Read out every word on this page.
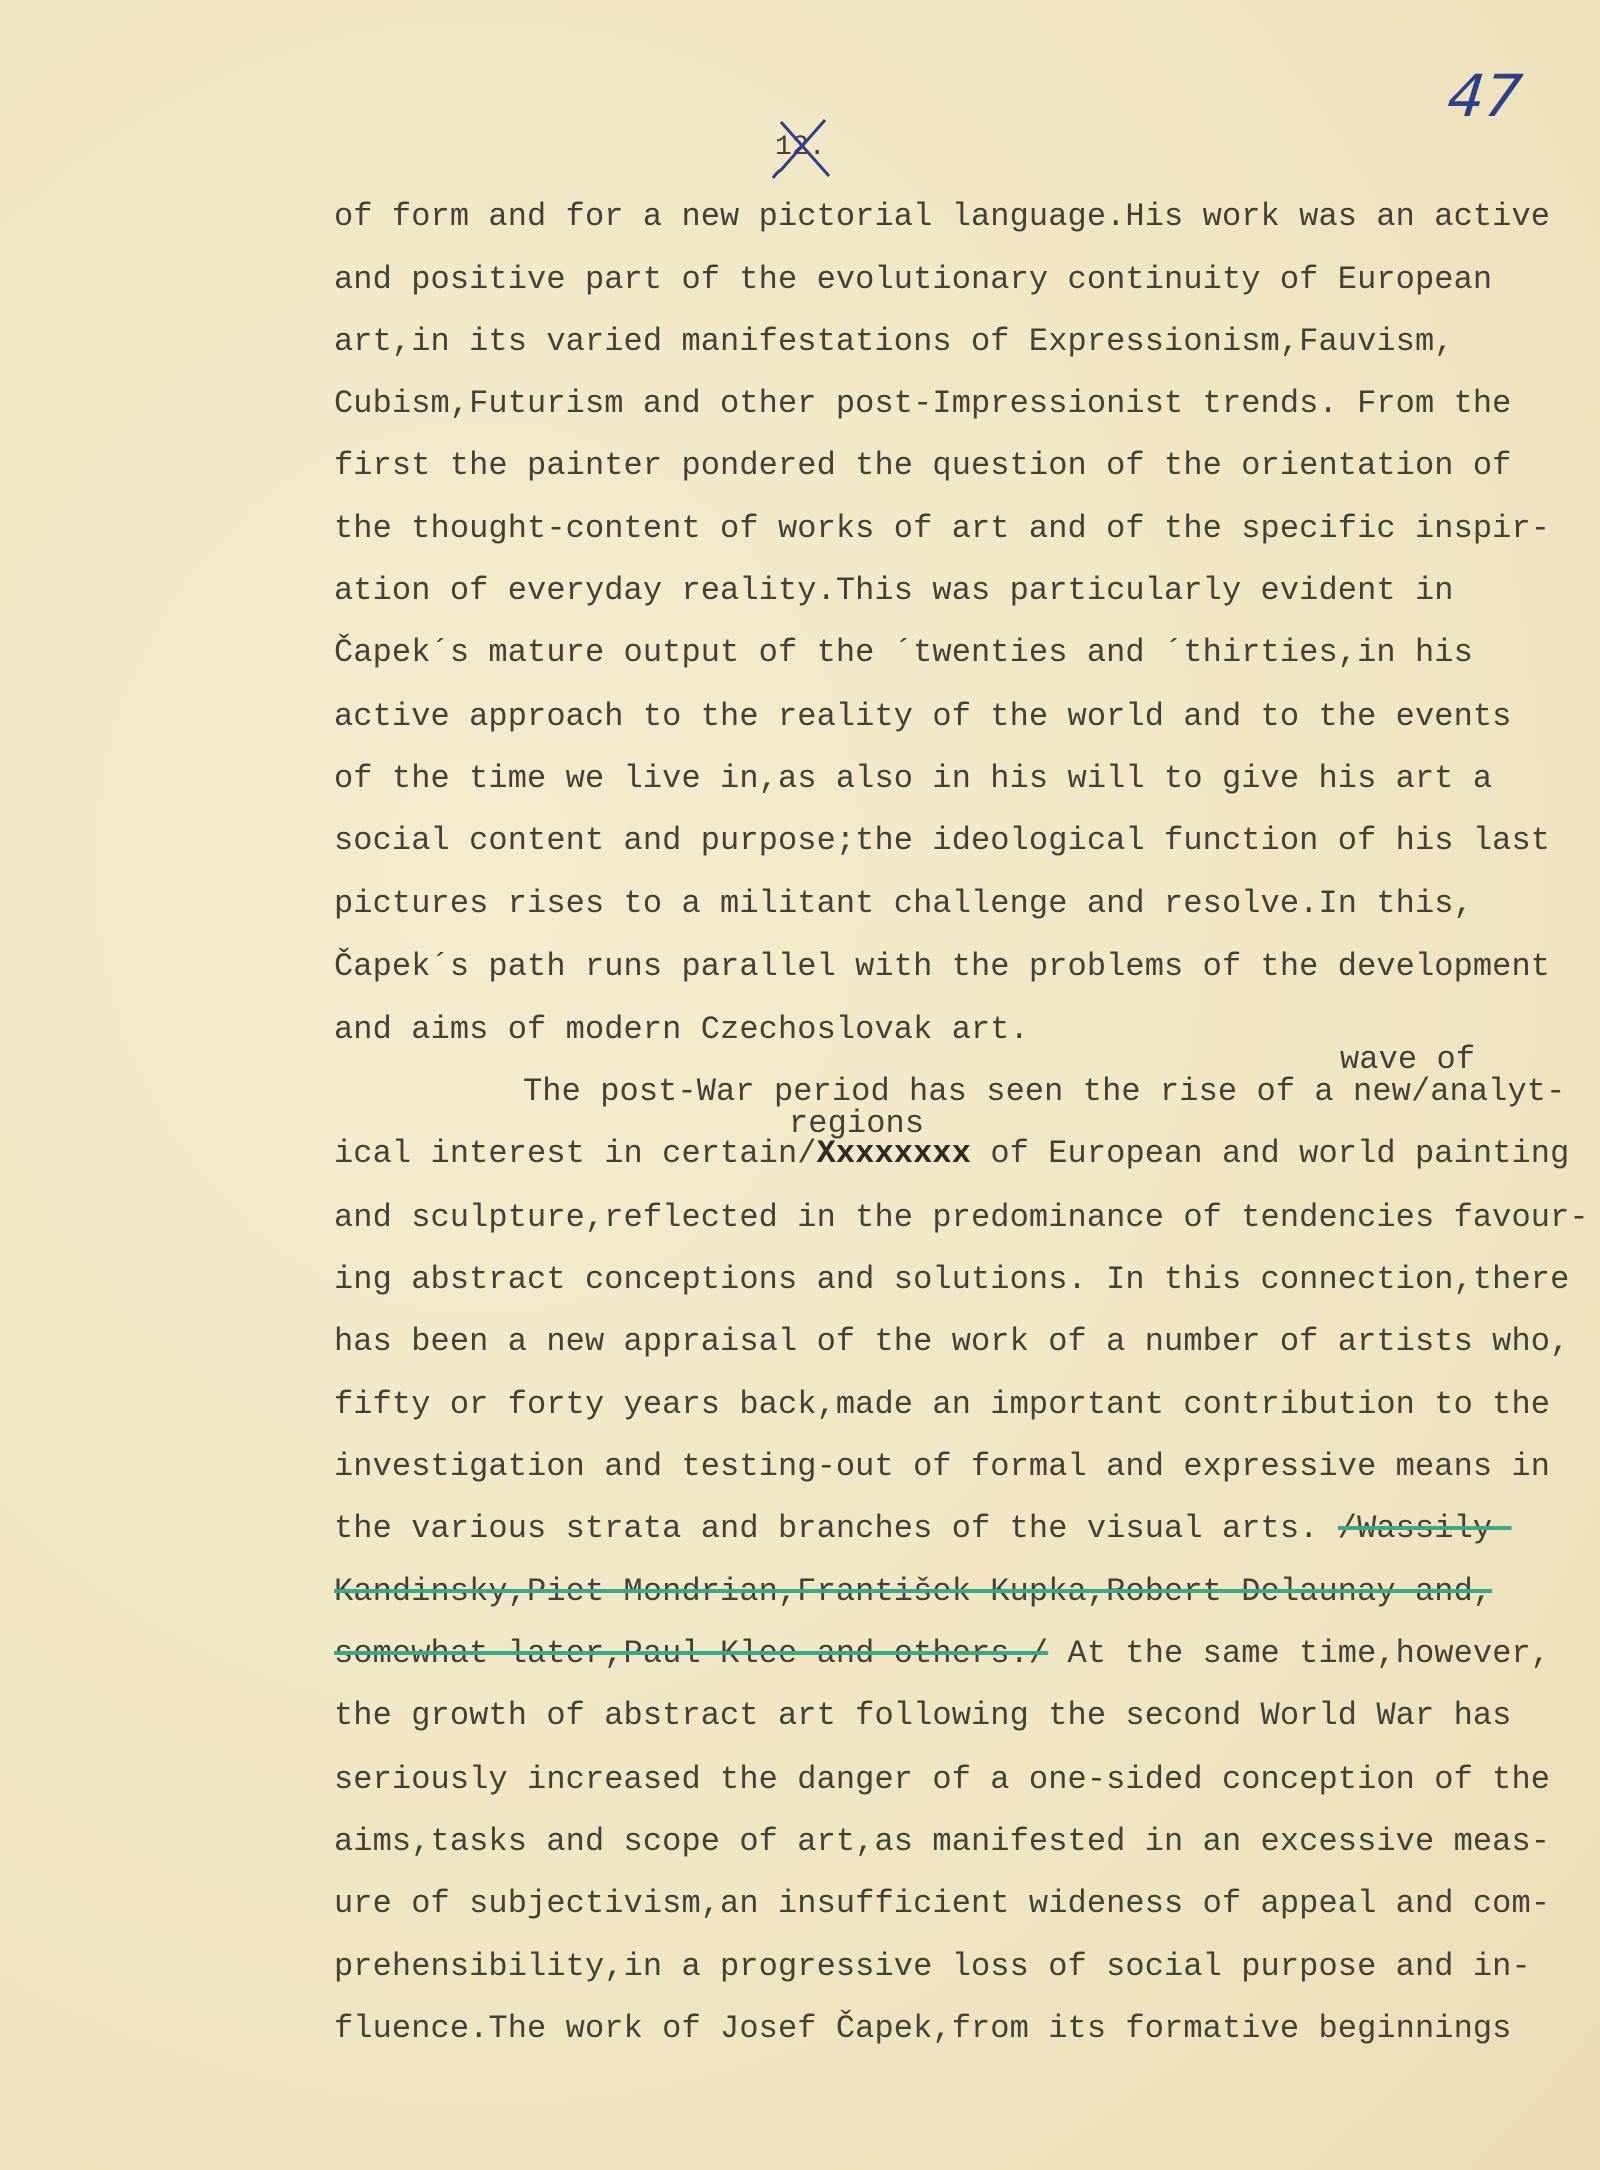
47
12.
of form and for a new pictorial language.His work was an active
and positive part of the evolutionary continuity of European
art,in its varied manifestations of Expressionism,Fauvism,
Cubism,Futurism and other post-Impressionist trends. From the
first the painter pondered the question of the orientation of
the thought-content of works of art and of the specific inspir-
ation of everyday reality.This was particularly evident in
Čapek´s mature output of the ´twenties and ´thirties,in his
active approach to the reality of the world and to the events
of the time we live in,as also in his will to give his art a
social content and purpose;the ideological function of his last
pictures rises to a militant challenge and resolve.In this,
Čapek´s path runs parallel with the problems of the development
and aims of modern Czechoslovak art.
wave of
The post-War period has seen the rise of a new/analyt-
regions
ical interest in certain/Xxxxxxxx of European and world painting
and sculpture,reflected in the predominance of tendencies favour-
ing abstract conceptions and solutions. In this connection,there
has been a new appraisal of the work of a number of artists who,
fifty or forty years back,made an important contribution to the
investigation and testing-out of formal and expressive means in
the various strata and branches of the visual arts. /Wassily-
Kandinsky,Piet Mondrian,František Kupka,Robert Delaunay and,
somewhat later,Paul Klee and others./ At the same time,however,
the growth of abstract art following the second World War has
seriously increased the danger of a one-sided conception of the
aims,tasks and scope of art,as manifested in an excessive meas-
ure of subjectivism,an insufficient wideness of appeal and com-
prehensibility,in a progressive loss of social purpose and in-
fluence.The work of Josef Čapek,from its formative beginnings
